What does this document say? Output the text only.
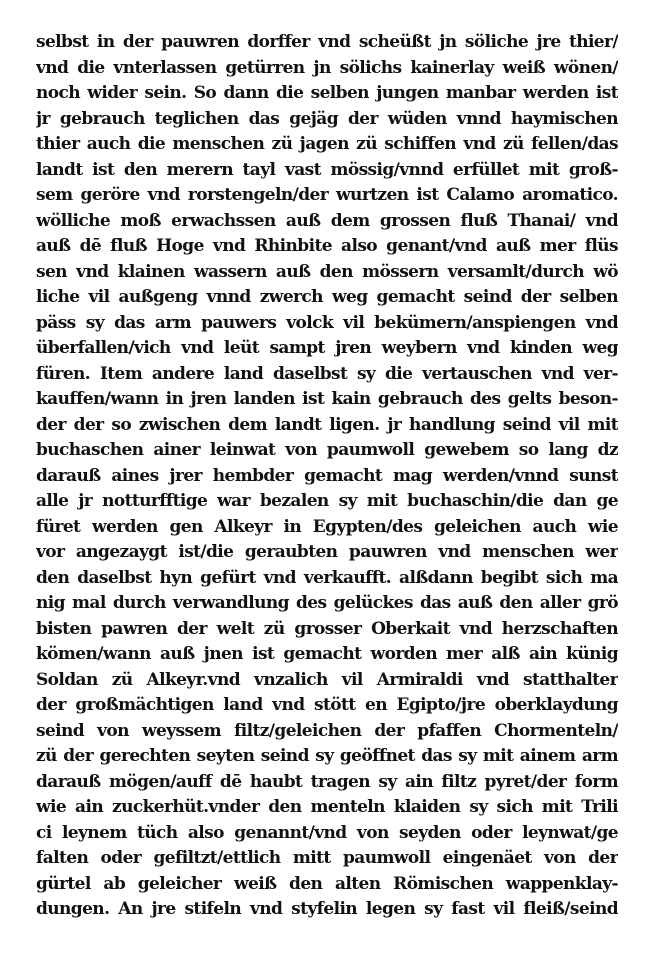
selbst in der pauwren dorffer vnd scheüßt jn söliche jre thier/
vnd die vnterlassen getürren jn sölichs kainerlay weiß wönen/
noch wider sein. So dann die selben jungen manbar werden ist
jr gebrauch teglichen das gejäg der wüden vnnd haymischen
thier auch die menschen zü jagen zü schiffen vnd zü fellen/das
landt ist den merern tayl vast mössig/vnnd erfüllet mit groß-
sem geröre vnd rorstengeln/der wurtzen ist Calamo aromatico.
wölliche moß erwachssen auß dem grossen fluß Thanai/ vnd
auß dē fluß Hoge vnd Rhinbite also genant/vnd auß mer flüs
sen vnd klainen wassern auß den mössern versamlt/durch wö
liche vil außgeng vnnd zwerch weg gemacht seind der selben
päss sy das arm pauwers volck vil bekümern/anspiengen vnd
überfallen/vich vnd leüt sampt jren weybern vnd kinden weg
füren. Item andere land daselbst sy die vertauschen vnd ver-
kauffen/wann in jren landen ist kain gebrauch des gelts beson-
der der so zwischen dem landt ligen. jr handlung seind vil mit
buchaschen ainer leinwat von paumwoll gewebem so lang dz
darauß aines jrer hembder gemacht mag werden/vnnd sunst
alle jr notturfftige war bezalen sy mit buchaschin/die dan ge
füret werden gen Alkeyr in Egypten/des geleichen auch wie
vor angezaygt ist/die geraubten pauwren vnd menschen wer
den daselbst hyn gefürt vnd verkaufft. alßdann begibt sich ma
nig mal durch verwandlung des gelückes das auß den aller grö
bisten pawren der welt zü grosser Oberkait vnd herzschaften
kömen/wann auß jnen ist gemacht worden mer alß ain künig
Soldan zü Alkeyr.vnd vnzalich vil Armiraldi vnd statthalter
der großmächtigen land vnd stött en Egipto/jre oberklaydung
seind von weyssem filtz/geleichen der pfaffen Chormenteln/
zü der gerechten seyten seind sy geöffnet das sy mit ainem arm
darauß mögen/auff dē haubt tragen sy ain filtz pyret/der form
wie ain zuckerhüt.vnder den menteln klaiden sy sich mit Trili
ci leynem tüch also genannt/vnd von seyden oder leynwat/ge
falten oder gefiltzt/ettlich mitt paumwoll eingenäet von der
gürtel ab geleicher weiß den alten Römischen wappenklay-
dungen. An jre stifeln vnd styfelin legen sy fast vil fleiß/seind
